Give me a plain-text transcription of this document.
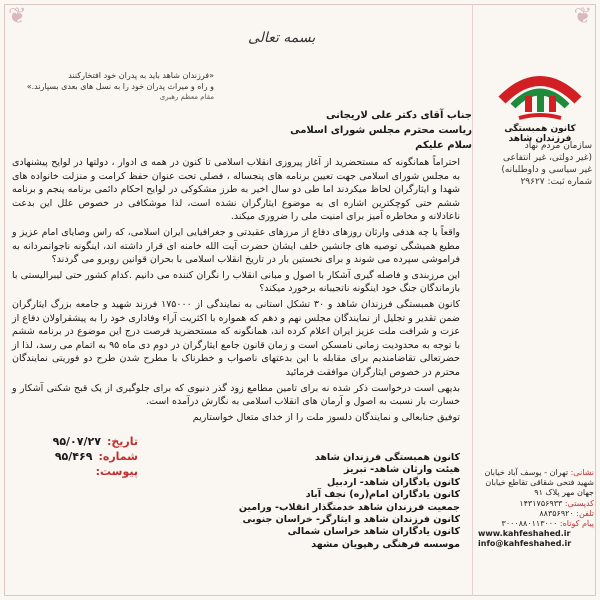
❦	❦
بسمه تعالی
«فرزندان شاهد باید به پدران خود افتخارکنند
و راه و میراث پدران خود را به نسل های بعدی بسپارند.»
مقام معظم رهبری
کانون همبستگی فرزندان شاهد
سازمان مردم نهاد
(غیر دولتی، غیر انتفاعی
غیر سیاسی و داوطلبانه)
شماره ثبت: ۲۹۶۲۷
جناب آقای دکتر علی لاریجانی
ریاست محترم مجلس شورای اسلامی
سلام علیکم

احتراماً همانگونه که مستحضرید از آغاز پیروزی انقلاب اسلامی تا کنون در همه ی ادوار ، دولتها در لوایح پیشنهادی به مجلس شورای اسلامی جهت تعیین برنامه های پنجساله ، فصلی تحت عنوان حفظ کرامت و منزلت خانواده های شهدا و ایثارگران لحاظ میکردند اما طی دو سال اخیر به طرز مشکوکی در لوایح احکام دائمی برنامه پنجم و برنامه ششم حتی کوچکترین اشاره ای به موضوع ایثارگران نشده است، لذا موشکافی در خصوص علل این بدعت ناعادلانه و مخاطره آمیز برای امنیت ملی را ضروری میکند.

واقعاً یا چه هدفی وارثان روزهای دفاع از مرزهای عقیدتی و جغرافیایی ایران اسلامی، که راس وصایای امام عزیز و مطیع همیشگی توصیه های جانشین خلف ایشان حضرت آیت الله خامنه ای قرار داشته اند، اینگونه ناجوانمردانه به فراموشی سپرده می شوند و برای نخستین بار در تاریخ انقلاب اسلامی با بحران قوانین روبرو می گردند؟

این مرزبندی و فاصله گیری آشکار با اصول و مبانی انقلاب را نگران کننده می دانیم .کدام کشور حتی لیبرالیستی با بازماندگان جنگ خود اینگونه ناتجیبانه برخورد میکند؟

کانون همبستگی فرزندان شاهد و ۳۰ تشکل استانی به نمایندگی از ۱۷۵۰۰۰ فرزند شهید و جامعه بزرگ ایثارگران ضمن تقدیر و تجلیل از نمایندگان مجلس نهم و دهم که همواره با اکثریت آراء وفاداری خود را به پیشقراولان دفاع از عزت و شرافت ملت عزیز ایران اعلام کرده اند، همانگونه که مستحضرید فرصت درج این موضوع در برنامه ششم با توجه به محدودیت زمانی نامسکن است و زمان قانون جامع ایثارگران در دوم دی ماه ۹۵ به اتمام می رسد، لذا از حضرتعالی تقاضامندیم برای مقابله با این بدعتهای ناصواب و خطرناک با مطرح شدن طرح دو فوریتی نمایندگان محترم در خصوص ایثارگران موافقت فرمائید

بدیهی است درخواست ذکر شده نه برای تامین مطامع زود گذر دنیوی که برای جلوگیری از یک قبح شکنی آشکار و خسارت بار نسبت به اصول و آرمان های انقلاب اسلامی به نگارش درآمده است.

توفیق جنابعالی و نمایندگان دلسوز ملت را از خدای متعال خواستاریم

تاریخ:۹۵/۰۷/۲۷
شماره:۹۵/۴۶۹
پیوست:
کانون همبستگی فرزندان شاهد
هیئت وارثان شاهد- تبریز
کانون یادگاران شاهد- اردبیل
کانون یادگاران امام(ره) نجف آباد
جمعیت فرزندان شاهد خدمتگذار انقلاب- ورامین
کانون فرزندان شاهد و ایثارگر- خراسان جنوبی
کانون یادگاران شاهد خراسان شمالی
موسسه فرهنگی رهپویان مشهد
نشانی: تهران - یوسف آباد خیابان شهید فتحی شقاقی تقاطع خیابان جهان مهر پلاک ۹۱
کدپستی: ۱۴۳۱۷۵۶۹۳۳
تلفن: ۸۸۳۵۶۹۲۰
پیام کوتاه: ۳۰۰۰۸۸۰۱۱۳۰۰۰
www.kahfeshahed.ir
info@kahfeshahed.ir
